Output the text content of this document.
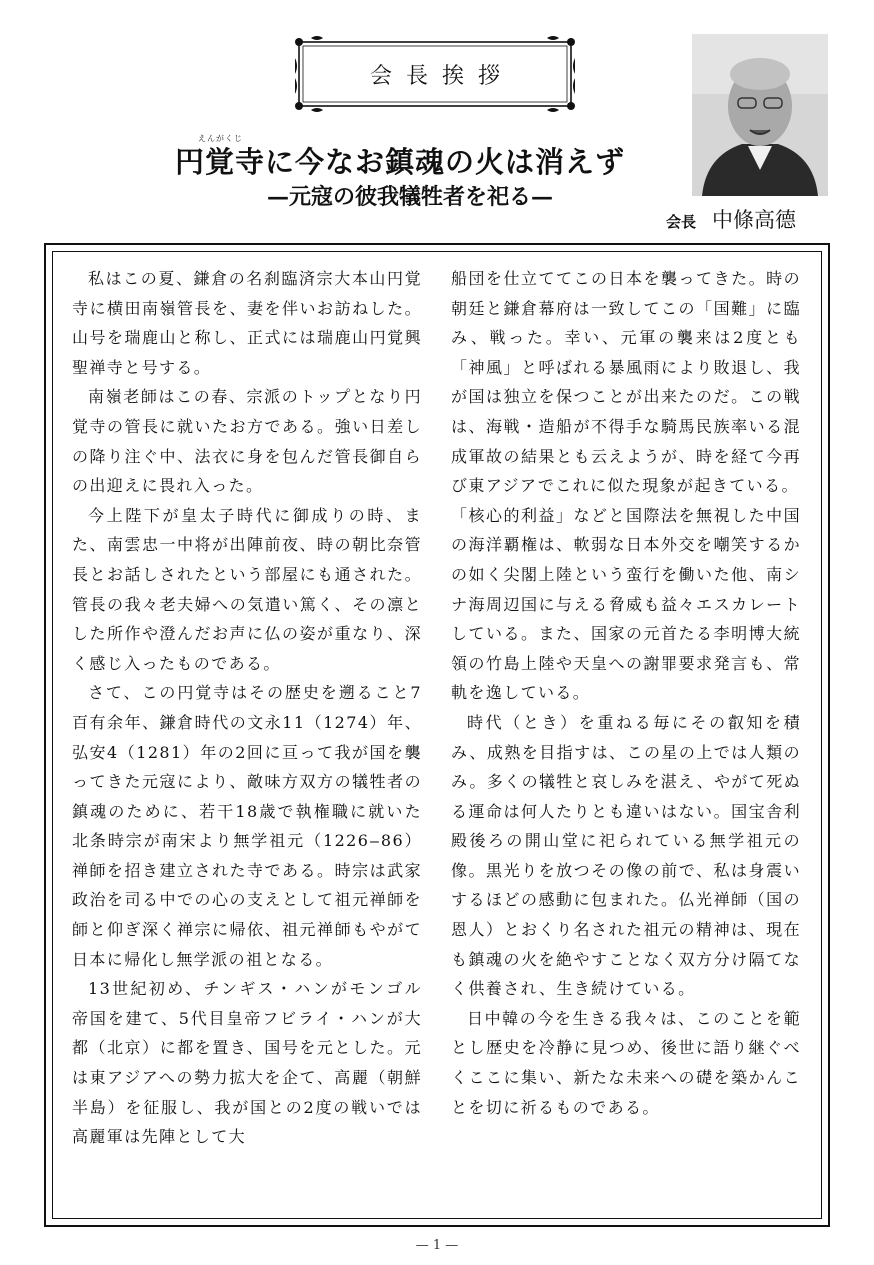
会長挨拶
えんがくじ
円覚寺に今なお鎮魂の火は消えず
—元寇の彼我犠牲者を祀る—
会長 中條高德

私はこの夏、鎌倉の名刹臨済宗大本山円覚寺に横田南嶺管長を、妻を伴いお訪ねした。山号を瑞鹿山と称し、正式には瑞鹿山円覚興聖禅寺と号する。

南嶺老師はこの春、宗派のトップとなり円覚寺の管長に就いたお方である。強い日差しの降り注ぐ中、法衣に身を包んだ管長御自らの出迎えに畏れ入った。

今上陛下が皇太子時代に御成りの時、また、南雲忠一中将が出陣前夜、時の朝比奈管長とお話しされたという部屋にも通された。管長の我々老夫婦への気遣い篤く、その凛とした所作や澄んだお声に仏の姿が重なり、深く感じ入ったものである。

さて、この円覚寺はその歴史を遡ること7百有余年、鎌倉時代の文永11（1274）年、弘安4（1281）年の2回に亘って我が国を襲ってきた元寇により、敵味方双方の犠牲者の鎮魂のために、若干18歳で執権職に就いた北条時宗が南宋より無学祖元（1226‒86）禅師を招き建立された寺である。時宗は武家政治を司る中での心の支えとして祖元禅師を師と仰ぎ深く禅宗に帰依、祖元禅師もやがて日本に帰化し無学派の祖となる。

13世紀初め、チンギス・ハンがモンゴル帝国を建て、5代目皇帝フビライ・ハンが大都（北京）に都を置き、国号を元とした。元は東アジアへの勢力拡大を企て、高麗（朝鮮半島）を征服し、我が国との2度の戦いでは高麗軍は先陣として大

船団を仕立ててこの日本を襲ってきた。時の朝廷と鎌倉幕府は一致してこの「国難」に臨み、戦った。幸い、元軍の襲来は2度とも「神風」と呼ばれる暴風雨により敗退し、我が国は独立を保つことが出来たのだ。この戦は、海戦・造船が不得手な騎馬民族率いる混成軍故の結果とも云えようが、時を経て今再び東アジアでこれに似た現象が起きている。

「核心的利益」などと国際法を無視した中国の海洋覇権は、軟弱な日本外交を嘲笑するかの如く尖閣上陸という蛮行を働いた他、南シナ海周辺国に与える脅威も益々エスカレートしている。また、国家の元首たる李明博大統領の竹島上陸や天皇への謝罪要求発言も、常軌を逸している。

時代（とき）を重ねる毎にその叡知を積み、成熟を目指すは、この星の上では人類のみ。多くの犠牲と哀しみを湛え、やがて死ぬる運命は何人たりとも違いはない。国宝舎利殿後ろの開山堂に祀られている無学祖元の像。黒光りを放つその像の前で、私は身震いするほどの感動に包まれた。仏光禅師（国の恩人）とおくり名された祖元の精神は、現在も鎮魂の火を絶やすことなく双方分け隔てなく供養され、生き続けている。

日中韓の今を生きる我々は、このことを範とし歴史を冷静に見つめ、後世に語り継ぐべくここに集い、新たな未来への礎を築かんことを切に祈るものである。

— 1 —
